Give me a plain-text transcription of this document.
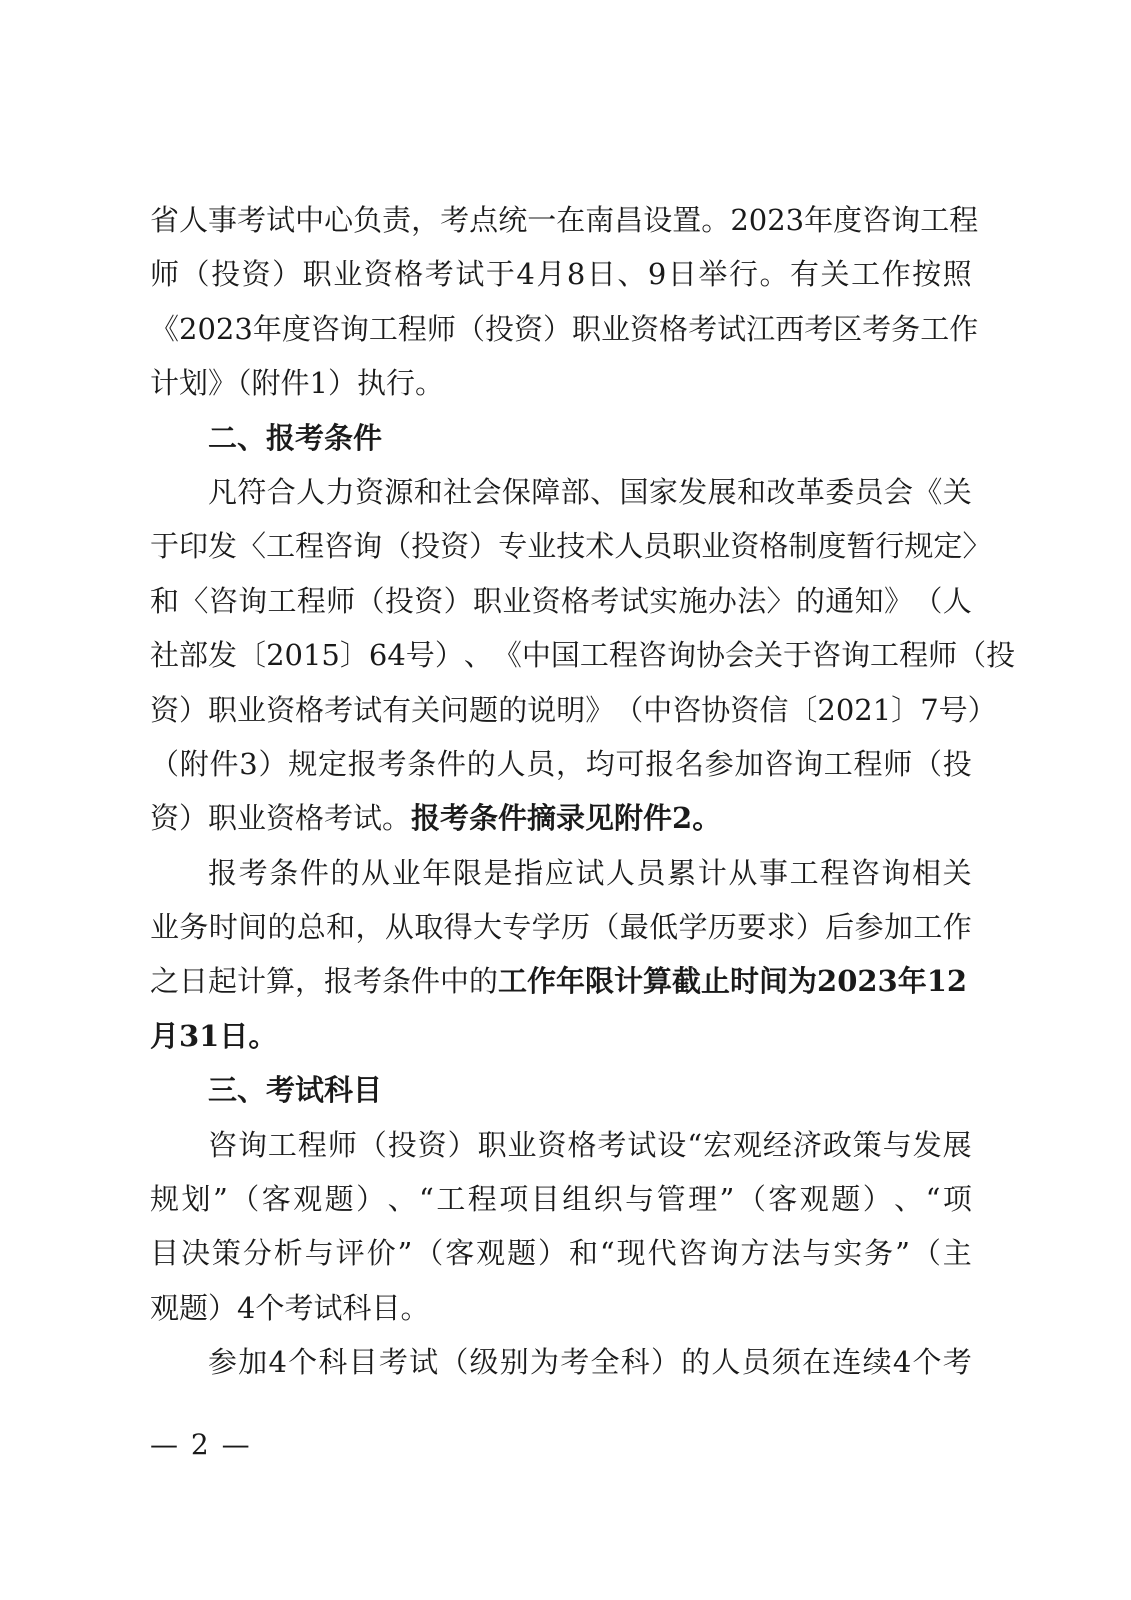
省 人 事 考 试 中 心 负 责 ， 考 点 统 一 在 南 昌 设 置 。 2 0 2 3 年 度 咨 询 工 程
师 （ 投 资 ） 职 业 资 格 考 试 于 4 月 8 日 、 9 日 举 行 。 有 关 工 作 按 照
《 2 0 2 3 年 度 咨 询 工 程 师 （ 投 资 ） 职 业 资 格 考 试 江 西 考 区 考 务 工 作
计划》（附件1）执行。
二、报考条件
凡 符 合 人 力 资 源 和 社 会 保 障 部 、 国 家 发 展 和 改 革 委 员 会 《 关
于 印 发 〈 工 程 咨 询 （ 投 资 ） 专 业 技 术 人 员 职 业 资 格 制 度 暂 行 规 定 〉
和 〈 咨 询 工 程 师 （ 投 资 ） 职 业 资 格 考 试 实 施 办 法 〉 的 通 知 》 （ 人
社 部 发 〔 2 0 1 5 〕 6 4 号 ） 、 《 中 国 工 程 咨 询 协 会 关 于 咨 询 工 程 师 （ 投
资 ） 职 业 资 格 考 试 有 关 问 题 的 说 明 》 （ 中 咨 协 资 信 〔 2 0 2 1 〕 7 号 ）
（ 附 件 3 ） 规 定 报 考 条 件 的 人 员 ， 均 可 报 名 参 加 咨 询 工 程 师 （ 投
资）职业资格考试。 报考条件摘录见附件2。
报 考 条 件 的 从 业 年 限 是 指 应 试 人 员 累 计 从 事 工 程 咨 询 相 关
业 务 时 间 的 总 和 ， 从 取 得 大 专 学 历 （ 最 低 学 历 要 求 ） 后 参 加 工 作
之日起计算，报考条件中的 工作年限计算截止时间为2023年12
月31日。
三、考试科目
咨 询 工 程 师 （ 投 资 ） 职 业 资 格 考 试 设 “ 宏 观 经 济 政 策 与 发 展
规 划 ” （ 客 观 题 ） 、 “ 工 程 项 目 组 织 与 管 理 ” （ 客 观 题 ） 、 “ 项
目 决 策 分 析 与 评 价 ” （ 客 观 题 ） 和 “ 现 代 咨 询 方 法 与 实 务 ” （ 主
观题）4个考试科目。
参 加 4 个 科 目 考 试 （ 级 别 为 考 全 科 ） 的 人 员 须 在 连 续 4 个 考
— 2 —
